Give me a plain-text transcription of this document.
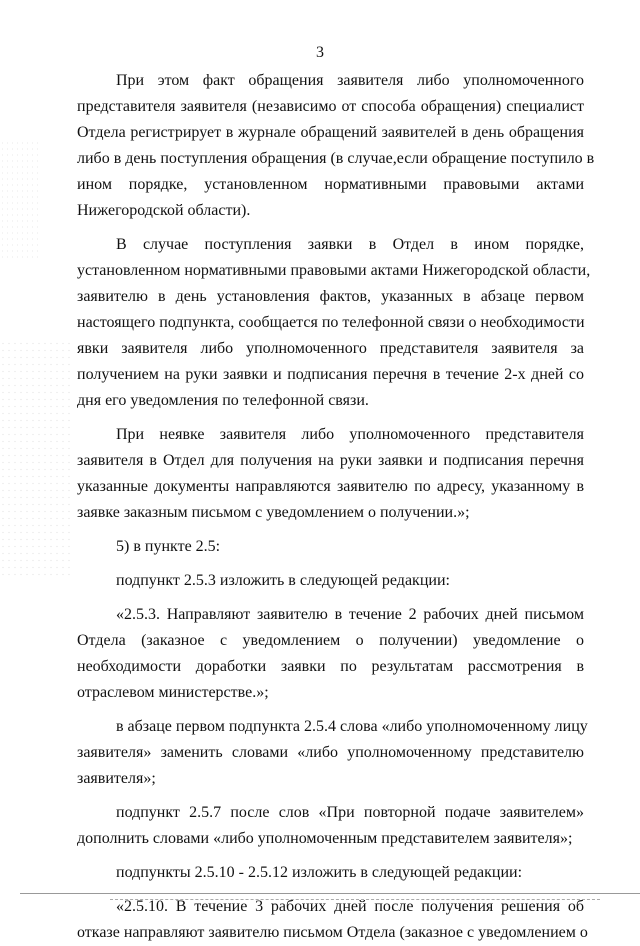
3
При этом факт обращения заявителя либо уполномоченного
представителя заявителя (независимо от способа обращения) специалист
Отдела регистрирует в журнале обращений заявителей в день обращения
либо в день поступления обращения (в случае,если обращение поступило в
ином порядке, установленном нормативными правовыми актами
Нижегородской области).
В случае поступления заявки в Отдел в ином порядке,
установленном нормативными правовыми актами Нижегородской области,
заявителю в день установления фактов, указанных в абзаце первом
настоящего подпункта, сообщается по телефонной связи о необходимости
явки заявителя либо уполномоченного представителя заявителя за
получением на руки заявки и подписания перечня в течение 2-х дней со
дня его уведомления по телефонной связи.
При неявке заявителя либо уполномоченного представителя
заявителя в Отдел для получения на руки заявки и подписания перечня
указанные документы направляются заявителю по адресу, указанному в
заявке заказным письмом с уведомлением о получении.»;
5) в пункте 2.5:
подпункт 2.5.3 изложить в следующей редакции:
«2.5.3. Направляют заявителю в течение 2 рабочих дней письмом
Отдела (заказное с уведомлением о получении) уведомление о
необходимости доработки заявки по результатам рассмотрения в
отраслевом министерстве.»;
в абзаце первом подпункта 2.5.4 слова «либо уполномоченному лицу
заявителя» заменить словами «либо уполномоченному представителю
заявителя»;
подпункт 2.5.7 после слов «При повторной подаче заявителем»
дополнить словами «либо уполномоченным представителем заявителя»;
подпункты 2.5.10 - 2.5.12 изложить в следующей редакции:
«2.5.10. В течение 3 рабочих дней после получения решения об
отказе направляют заявителю письмом Отдела (заказное с уведомлением о
